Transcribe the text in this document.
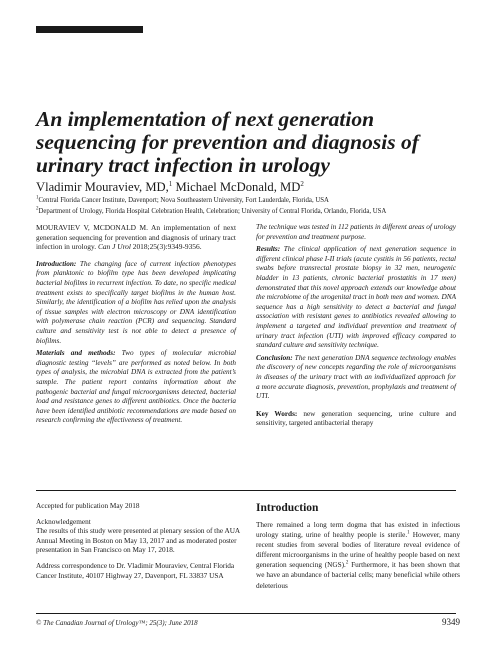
An implementation of next generation sequencing for prevention and diagnosis of urinary tract infection in urology
Vladimir Mouraviev, MD,$^1$ Michael McDonald, $MD^2$
$^1$Central Florida Cancer Institute, Davenport; Nova Southeastern University, Fort Lauderdale, Florida, USA
$^2$Department of Urology, Florida Hospital Celebration Health, Celebration; University of Central Florida, Orlando, Florida, USA

MOURAVIEV V, MCDONALD M. An implementation of next generation sequencing for prevention and diagnosis of urinary tract infection in urology. Can J Urol 2018;25(3):9349-9356.

Introduction: The changing face of current infection phenotypes from planktonic to biofilm type has been developed implicating bacterial biofilms in recurrent infection. To date, no specific medical treatment exists to specifically target biofilms in the human host. Similarly, the identification of a biofilm has relied upon the analysis of tissue samples with electron microscopy or DNA identification with polymerase chain reaction (PCR) and sequencing. Standard culture and sensitivity test is not able to detect a presence of biofilms.

Materials and methods: Two types of molecular microbial diagnostic testing “levels” are performed as noted below. In both types of analysis, the microbial DNA is extracted from the patient’s sample. The patient report contains information about the pathogenic bacterial and fungal microorganisms detected, bacterial load and resistance genes to different antibiotics. Once the bacteria have been identified antibiotic recommendations are made based on research confirming the effectiveness of treatment.

The technique was tested in 112 patients in different areas of urology for prevention and treatment purpose.

Results: The clinical application of next generation sequence in different clinical phase I-II trials (acute cystitis in 56 patients, rectal swabs before transrectal prostate biopsy in 32 men, neurogenic bladder in 13 patients, chronic bacterial prostatitis in 17 men) demonstrated that this novel approach extends our knowledge about the microbiome of the urogenital tract in both men and women. DNA sequence has a high sensitivity to detect a bacterial and fungal association with resistant genes to antibiotics revealed allowing to implement a targeted and individual prevention and treatment of urinary tract infection (UTI) with improved efficacy compared to standard culture and sensitivity technique.

Conclusion: The next generation DNA sequence technology enables the discovery of new concepts regarding the role of microorganisms in diseases of the urinary tract with an individualized approach for a more accurate diagnosis, prevention, prophylaxis and treatment of UTI.

Key Words: new generation sequencing, urine culture and sensitivity, targeted antibacterial therapy

Accepted for publication May 2018

Acknowledgement
The results of this study were presented at plenary session of the AUA Annual Meeting in Boston on May 13, 2017 and as moderated poster presentation in San Francisco on May 17, 2018.

Address correspondence to Dr. Vladimir Mouraviev, Central Florida Cancer Institute, 40107 Highway 27, Davenport, FL 33837 USA

Introduction

There remained a long term dogma that has existed in infectious urology stating, urine of healthy people is sterile.$^1$ However, many recent studies from several bodies of literature reveal evidence of different microorganisms in the urine of healthy people based on next generation sequencing (NGS).$^2$ Furthermore, it has been shown that we have an abundance of bacterial cells; many beneficial while others deleterious

© The Canadian Journal of Urology™; 25(3); June 2018	9349
